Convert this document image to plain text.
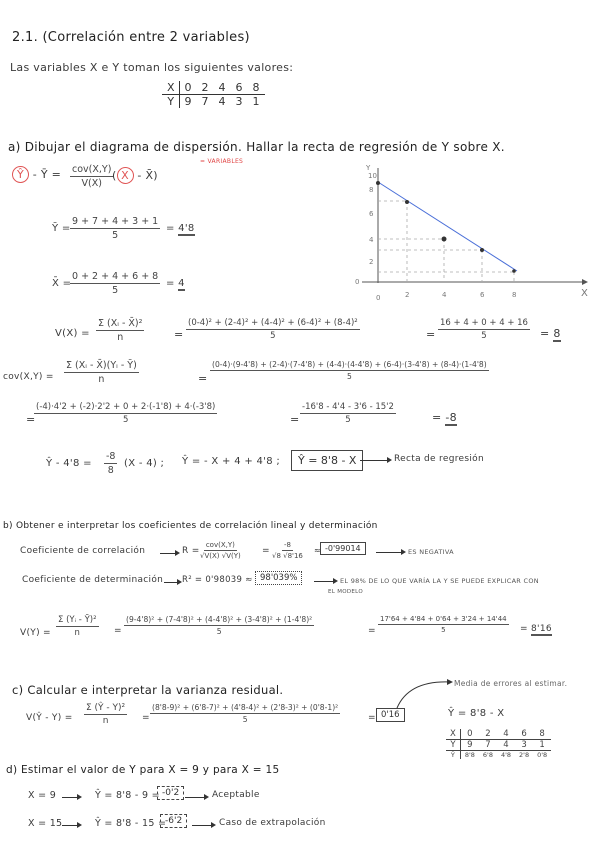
2.1. (Correlación entre 2 variables)
Las variables X e Y toman los siguientes valores:
X	0	2	4	6	8
Y	9	7	4	3	1
a) Dibujar el diagrama de dispersión. Hallar la recta de regresión de Y sobre X.
= VARIABLES
Ŷ - Ȳ = cov(X,Y)
V(X)
( X - X̄)
Ȳ = $\frac{9 + 7 + 4 + 3 + 1}{5} = 4'8$
X̄ =
$\frac{0 + 2 + 4 + 6 + 8}{5} = 4$
Y
10
8
6
4
2
0
0	2	4	6	8	X
$V(X) = \frac{\text{Σ (Xᵢ - X̄)²}}{n}$	= $\frac{\text{(0-4)² + (2-4)² + (4-4)² + (6-4)² + (8-4)²}}{5}$	= $\frac{16 + 4 + 0 + 4 + 16}{5} = 8$
$cov(X,Y) = \frac{\text{Σ (Xᵢ - X̄)(Yᵢ - Ȳ)}}{n}$	=
(0-4)·(9-4'8) + (2-4)·(7-4'8) + (4-4)·(4-4'8) + (6-4)·(3-4'8) + (8-4)·(1-4'8)
5
=
$\frac{(-4)\cdot 4'2 + (-2)\cdot 2'2 + 0 + 2\cdot(-1'8) + 4\cdot(-3'8)}{5}$	= $\frac{-16'8 - 4'4 - 3'6 - 15'2}{5}$	= -8
Ŷ - $4'8 = \frac{-8}{8} (X - 4)$ ; Ŷ = - X + 4 + 4'8 ;	Ŷ = 8'8 - X	Recta de regresión
b) Obtener e interpretar los coeficientes de correlación lineal y determinación
Coeficiente de correlación	R =
cov(X,Y)
√V(X) $√V(Y) = \frac{-8}{√8 √8'16} \approx -0'99014$	ES NEGATIVA
Coeficiente de determinación R² = 0'98039 ≈ 98'039%	EL 98% DE LO QUE VARÍA LA Y SE PUEDE EXPLICAR CON
EL MODELO
$V(Y) = \frac{\text{Σ (Yᵢ - Ȳ)²}}{n} = \frac{\text{(9-4'8)² + (7-4'8)² + (4-4'8)² + (3-4'8)² + (1-4'8)²}}{5}$	= $\frac{17'64 + 4'84 + 0'64 + 3'24 + 14'44}{5} = 8'16$
c) Calcular e interpretar la varianza residual.
V(Ŷ - $Y) = \frac{\text{Σ (Ŷ - Y)²}}{n} = \frac{\text{(8'8-9)² + (6'8-7)² + (4'8-4)² + (2'8-3)² + (0'8-1)²}}{5}$	= 0'16
Media de errores al estimar.
Ŷ = 8'8 - X
X	0	2	4	6	8
Y	9	7	4	3	1
Ŷ	8'8	6'8	4'8	2'8	0'8
d) Estimar el valor de Y para X = 9 y para X = 15
X = 9	Ŷ = 8'8 - 9 = -0'2	Aceptable
X = 15	Ŷ = 8'8 - 15 =
-6'2	Caso de extrapolación
